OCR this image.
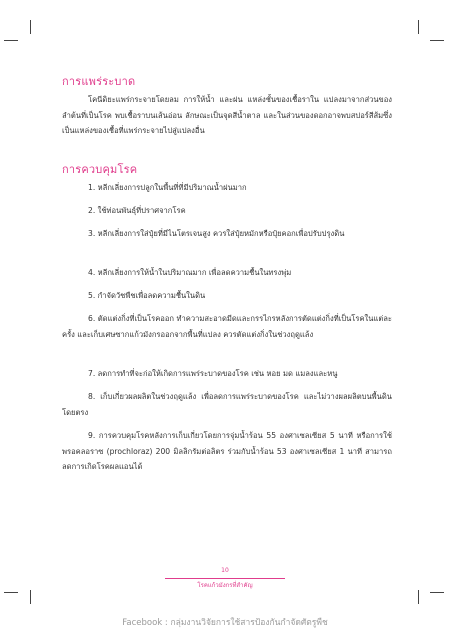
การแพร่ระบาด

โคนีดิยะแพร่กระจายโดยลม การให้น้ำ และฝน แหล่งชั้นของเชื้อราใน แปลงมาจากส่วนของลำต้นที่เป็นโรค พบเชื้อราบนเส้นอ่อน ลักษณะเป็นจุดสีน้ำตาล และในส่วนของดอกอาจพบสปอร์สีส้มซึ่งเป็นแหล่งของเชื้อที่แพร่กระจายไปสู่แปลงอื่น

การควบคุมโรค

1. หลีกเลี่ยงการปลูกในพื้นที่ที่มีปริมาณน้ำฝนมาก

2. ใช้ท่อนพันธุ์ที่ปราศจากโรค

3. หลีกเลี่ยงการใส่ปุ๋ยที่มีไนโตรเจนสูง ควรใส่ปุ๋ยหมักหรือปุ๋ยคอกเพื่อปรับปรุงดิน

4. หลีกเลี่ยงการให้น้ำในปริมาณมาก เพื่อลดความชื้นในทรงพุ่ม

5. กำจัดวัชพืชเพื่อลดความชื้นในดิน

6. ตัดแต่งกิ่งที่เป็นโรคออก ทำความสะอาดมีดและกรรไกรหลังการตัดแต่งกิ่งที่เป็นโรคในแต่ละครั้ง และเก็บเศษซากแก้วมังกรออกจากพื้นที่แปลง ควรตัดแต่งกิ่งในช่วงฤดูแล้ง

7. ลดการทำที่จะก่อให้เกิดการแพร่ระบาดของโรค เช่น หอย มด แมลงและหนู

8. เก็บเกี่ยวผลผลิตในช่วงฤดูแล้ง เพื่อลดการแพร่ระบาดของโรค และไม่วางผลผลิตบนพื้นดินโดยตรง

9. การควบคุมโรคหลังการเก็บเกี่ยวโดยการจุ่มน้ำร้อน 55 องศาเซลเซียส 5 นาที หรือการใช้พรอคลอราซ (prochloraz) 200 มิลลิกรัมต่อลิตร ร่วมกับน้ำร้อน 53 องศาเซลเซียส 1 นาที สามารถลดการเกิดโรคผลแอนได้

10
โรคแก้วมังกรที่สำคัญ
Facebook : กลุ่มงานวิจัยการใช้สารป้องกันกำจัดศัตรูพืช
